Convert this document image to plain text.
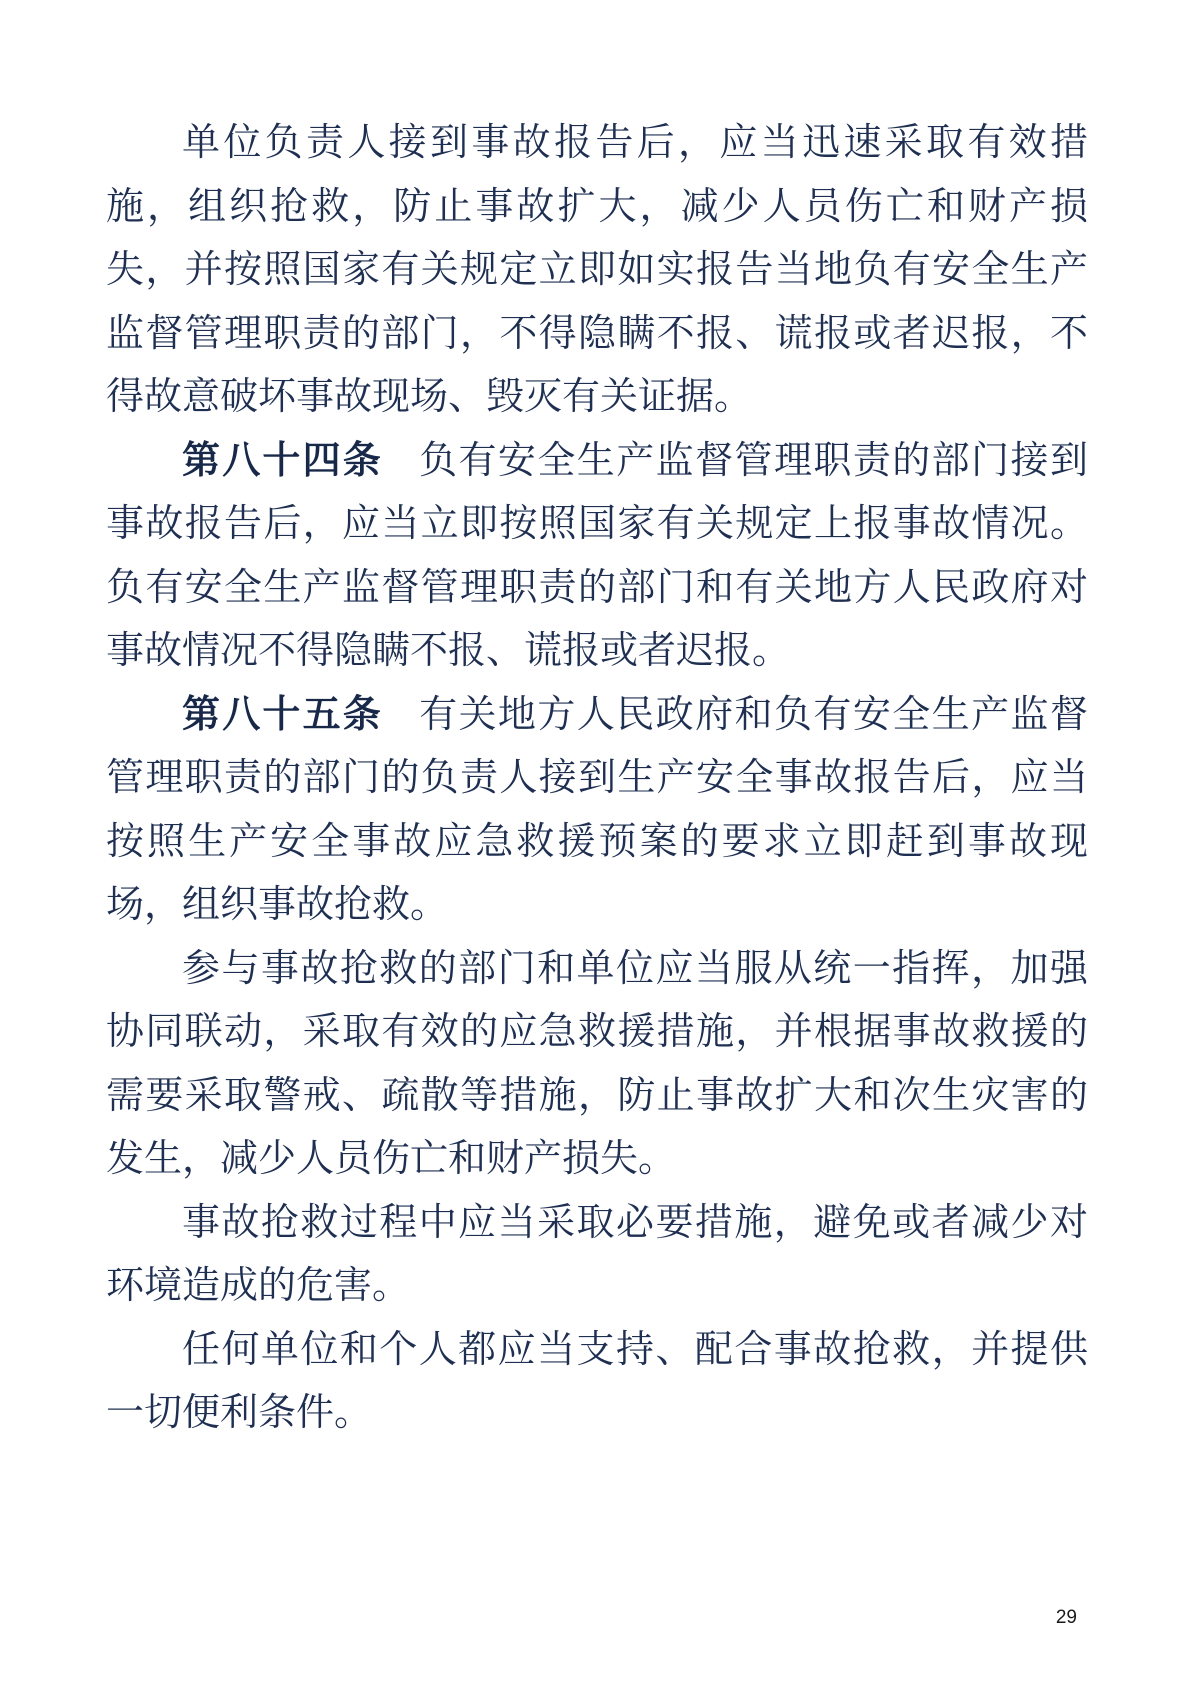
单位负责人接到事故报告后，应当迅速采取有效措施，组织抢救，防止事故扩大，减少人员伤亡和财产损失，并按照国家有关规定立即如实报告当地负有安全生产监督管理职责的部门，不得隐瞒不报、谎报或者迟报，不得故意破坏事故现场、毁灭有关证据。

第八十四条 负有安全生产监督管理职责的部门接到事故报告后，应当立即按照国家有关规定上报事故情况。负有安全生产监督管理职责的部门和有关地方人民政府对事故情况不得隐瞒不报、谎报或者迟报。

第八十五条 有关地方人民政府和负有安全生产监督管理职责的部门的负责人接到生产安全事故报告后，应当按照生产安全事故应急救援预案的要求立即赶到事故现场，组织事故抢救。

参与事故抢救的部门和单位应当服从统一指挥，加强协同联动，采取有效的应急救援措施，并根据事故救援的需要采取警戒、疏散等措施，防止事故扩大和次生灾害的发生，减少人员伤亡和财产损失。

事故抢救过程中应当采取必要措施，避免或者减少对环境造成的危害。

任何单位和个人都应当支持、配合事故抢救，并提供一切便利条件。

29
